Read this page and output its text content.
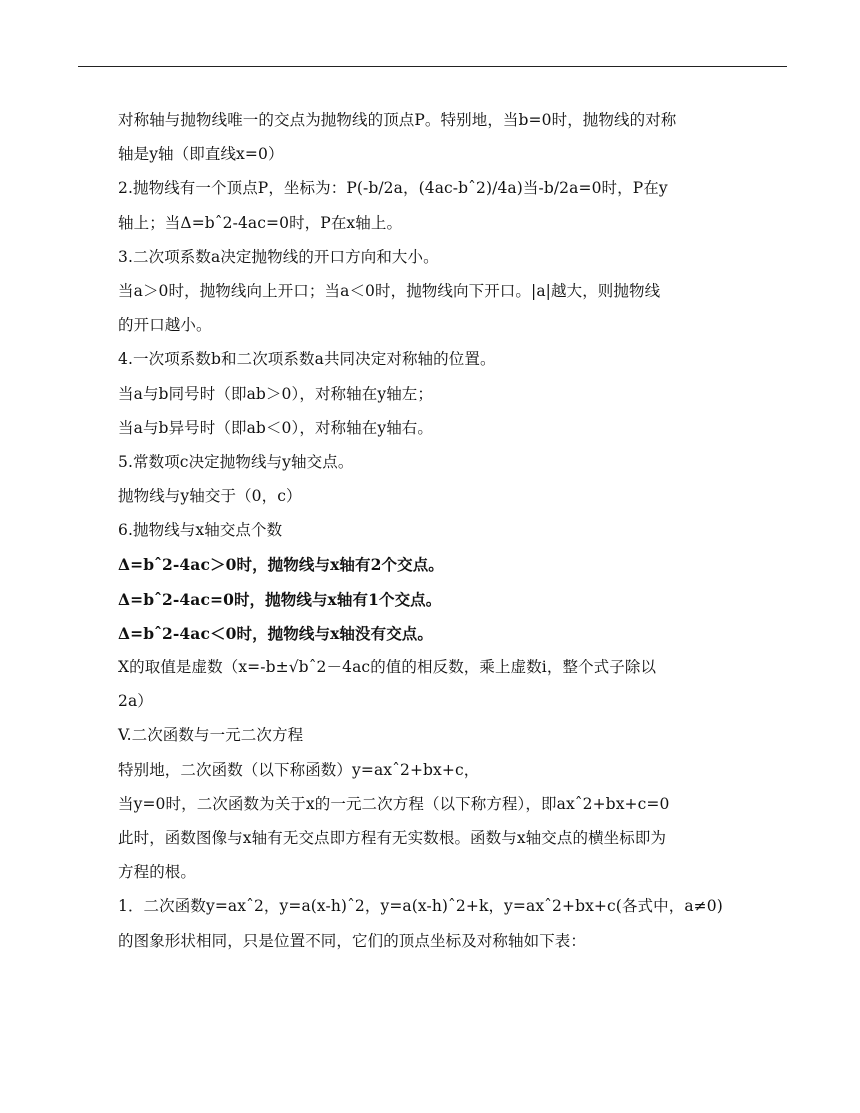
对称轴与抛物线唯一的交点为抛物线的顶点P。特别地，当b=0时，抛物线的对称
轴是y轴（即直线x=0）
2.抛物线有一个顶点P，坐标为：P(-b/2a，(4ac-bˆ2)/4a)当-b/2a=0时，P在y
轴上；当Δ=bˆ2-4ac=0时，P在x轴上。
3.二次项系数a决定抛物线的开口方向和大小。
当a＞0时，抛物线向上开口；当a＜0时，抛物线向下开口。|a|越大，则抛物线
的开口越小。
4.一次项系数b和二次项系数a共同决定对称轴的位置。
当a与b同号时（即ab＞0），对称轴在y轴左；
当a与b异号时（即ab＜0），对称轴在y轴右。
5.常数项c决定抛物线与y轴交点。
抛物线与y轴交于（0，c）
6.抛物线与x轴交点个数
Δ=bˆ2-4ac＞0时，抛物线与x轴有2个交点。
Δ=bˆ2-4ac=0时，抛物线与x轴有1个交点。
Δ=bˆ2-4ac＜0时，抛物线与x轴没有交点。
X的取值是虚数（x=-b±√bˆ2－4ac的值的相反数，乘上虚数i，整个式子除以
2a）
V.二次函数与一元二次方程
特别地，二次函数（以下称函数）y=axˆ2+bx+c，
当y=0时，二次函数为关于x的一元二次方程（以下称方程），即axˆ2+bx+c=0
此时，函数图像与x轴有无交点即方程有无实数根。函数与x轴交点的横坐标即为
方程的根。
1．二次函数y=axˆ2，y=a(x-h)ˆ2，y=a(x-h)ˆ2+k，y=axˆ2+bx+c(各式中，a≠0)
的图象形状相同，只是位置不同，它们的顶点坐标及对称轴如下表：
